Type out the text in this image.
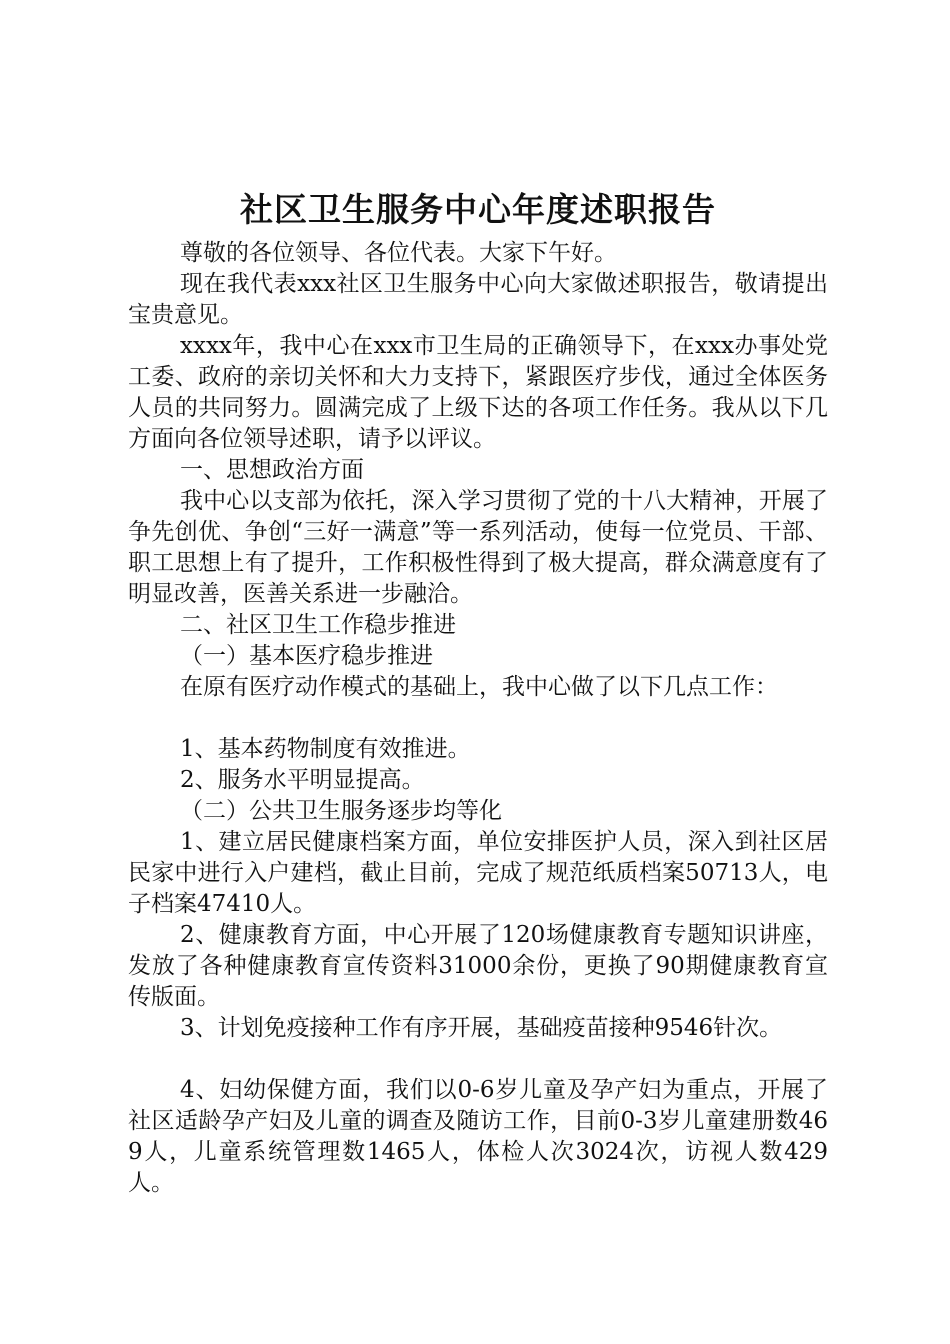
社区卫生服务中心年度述职报告

尊敬的各位领导、各位代表。大家下午好。

现在我代表xxx社区卫生服务中心向大家做述职报告，敬请提出宝贵意见。

xxxx年，我中心在xxx市卫生局的正确领导下，在xxx办事处党工委、政府的亲切关怀和大力支持下，紧跟医疗步伐，通过全体医务人员的共同努力。圆满完成了上级下达的各项工作任务。我从以下几方面向各位领导述职，请予以评议。

一、思想政治方面

我中心以支部为依托，深入学习贯彻了党的十八大精神，开展了争先创优、争创“三好一满意”等一系列活动，使每一位党员、干部、职工思想上有了提升，工作积极性得到了极大提高，群众满意度有了明显改善，医善关系进一步融洽。

二、社区卫生工作稳步推进

（一）基本医疗稳步推进

在原有医疗动作模式的基础上，我中心做了以下几点工作：

1、基本药物制度有效推进。

2、服务水平明显提高。

（二）公共卫生服务逐步均等化

1、建立居民健康档案方面，单位安排医护人员，深入到社区居民家中进行入户建档，截止目前，完成了规范纸质档案50713人，电子档案47410人。

2、健康教育方面，中心开展了120场健康教育专题知识讲座，发放了各种健康教育宣传资料31000余份，更换了90期健康教育宣传版面。

3、计划免疫接种工作有序开展，基础疫苗接种9546针次。

4、妇幼保健方面，我们以0-6岁儿童及孕产妇为重点，开展了社区适龄孕产妇及儿童的调查及随访工作，目前0-3岁儿童建册数469人，儿童系统管理数1465人，体检人次3024次，访视人数429人。
